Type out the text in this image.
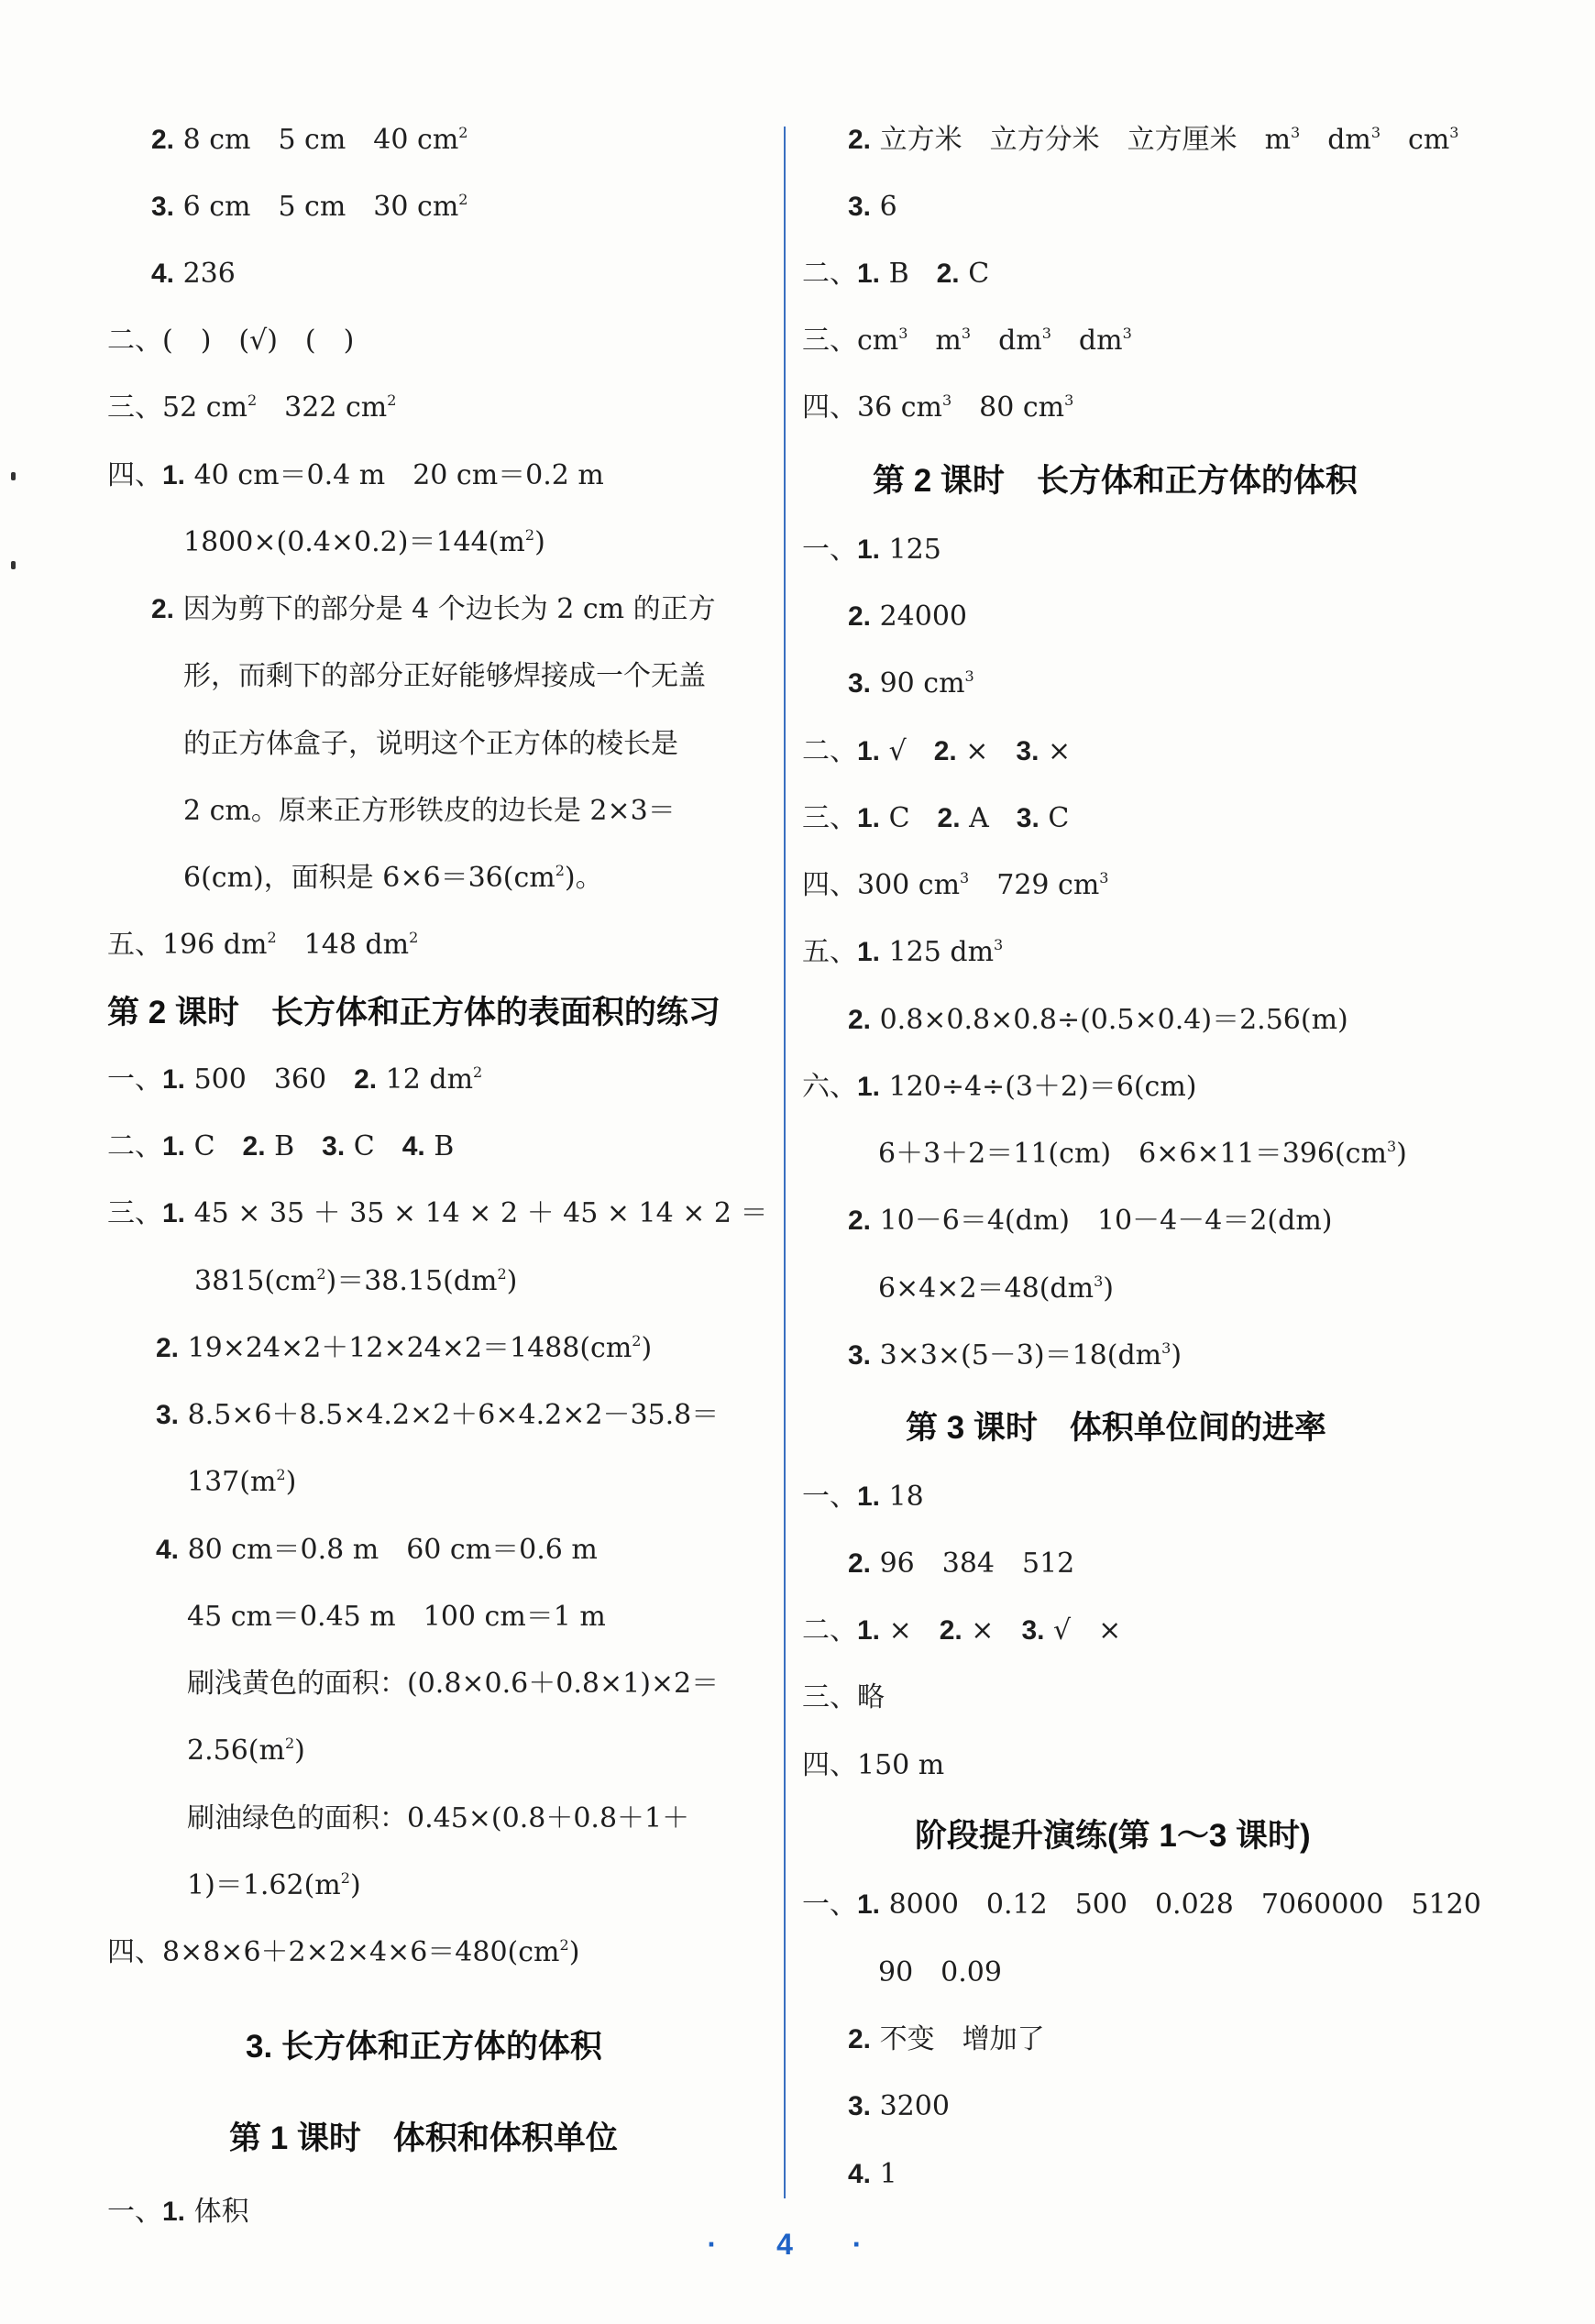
2. 8 cm　5 cm　40 $cm^2$
3. 6 cm　5 cm　30 $cm^2$
4. 236
二、(　)　(√)　(　)
三、52 $cm^2$　322 $cm^2$
四、1. 40 cm＝0.4 m　20 cm＝0.2 m
$1800\times(0.4\times 0.2)=144(m^2)$
2. 因为剪下的部分是 4 个边长为 2 cm 的正方
形，而剩下的部分正好能够焊接成一个无盖
的正方体盒子，说明这个正方体的棱长是
2 cm。原来正方形铁皮的边长是 2×3＝
6(cm)，面积是 $6\times 6=36(cm^2)$。
五、196 $dm^2$　148 $dm^2$
第 2 课时　长方体和正方体的表面积的练习
一、1. 500　360　2. 12 $dm^2$
二、1. C　2. B　3. C　4. B
三、1. 45 × 35 ＋ 35 × 14 × 2 ＋ 45 × 14 × 2 ＝
$3815(cm^2)=38.15(dm^2)$
2. $19\times 24\times 2+12\times 24\times 2=1488(cm^2)$
3. 8.5×6＋8.5×4.2×2＋6×4.2×2－35.8＝
$137(m^2)$
4. 80 cm＝0.8 m　60 cm＝0.6 m
45 cm＝0.45 m　100 cm＝1 m
刷浅黄色的面积：(0.8×0.6＋0.8×1)×2＝
$2.56(m^2)$
刷油绿色的面积：0.45×(0.8＋0.8＋1＋
$1)=1.62(m^2)$
四、$8\times 8\times 6+2\times 2\times 4\times 6=480(cm^2)$
3. 长方体和正方体的体积
第 1 课时　体积和体积单位
一、1. 体积
2. 立方米　立方分米　立方厘米　$m^3$　$dm^3$　$cm^3$
3. 6
二、1. B　2. C
三、$cm^3$　$m^3$　$dm^3$　$dm^3$
四、36 $cm^3$　80 $cm^3$
第 2 课时　长方体和正方体的体积
一、1. 125
2. 24000
3. 90 $cm^3$
二、1. √　2. ×　3. ×
三、1. C　2. A　3. C
四、300 $cm^3$　729 $cm^3$
五、1. 125 $dm^3$
2. 0.8×0.8×0.8÷(0.5×0.4)＝2.56(m)
六、1. 120÷4÷(3＋2)＝6(cm)
6＋3＋2＝11(cm)　$6\times 6\times 11=396(cm^3)$
2. 10－6＝4(dm)　10－4－4＝2(dm)
$6\times 4\times 2=48(dm^3)$
3. $3\times 3\times(5-3)=18(dm^3)$
第 3 课时　体积单位间的进率
一、1. 18
2. 96　384　512
二、1. ×　2. ×　3. √　×
三、略
四、150 m
阶段提升演练(第 1～3 课时)
一、1. 8000　0.12　500　0.028　7060000　5120
90　0.09
2. 不变　增加了
3. 3200
4. 1
· 4 ·
